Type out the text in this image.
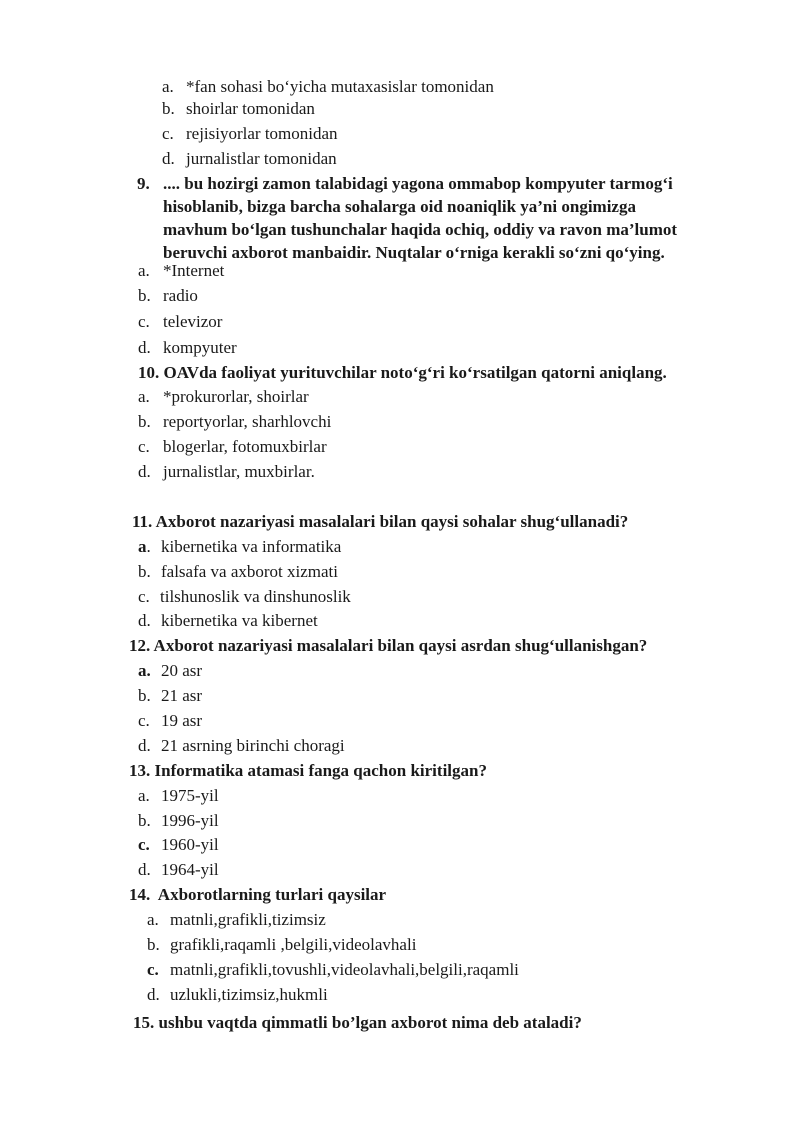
a. *fan sohasi bo‘yicha mutaxasislar tomonidan
b. shoirlar tomonidan
c. rejisiyorlar tomonidan
d. jurnalistlar tomonidan
9. .... bu hozirgi zamon talabidagi yagona ommabop kompyuter tarmog‘i
hisoblanib, bizga barcha sohalarga oid noaniqlik ya’ni ongimizga
mavhum bo‘lgan tushunchalar haqida ochiq, oddiy va ravon ma’lumot
beruvchi axborot manbaidir. Nuqtalar o‘rniga kerakli so‘zni qo‘ying.
a. *Internet
b. radio
c. televizor
d. kompyuter
10. OAVda faoliyat yurituvchilar noto‘g‘ri ko‘rsatilgan qatorni aniqlang.
a. *prokurorlar, shoirlar
b. reportyorlar, sharhlovchi
c. blogerlar, fotomuxbirlar
d. jurnalistlar, muxbirlar.
11. Axborot nazariyasi masalalari bilan qaysi sohalar shug‘ullanadi?
a. kibernetika va informatika
b. falsafa va axborot xizmati
c. tilshunoslik va dinshunoslik
d. kibernetika va kibernet
12. Axborot nazariyasi masalalari bilan qaysi asrdan shug‘ullanishgan?
a. 20 asr
b. 21 asr
c. 19 asr
d. 21 asrning birinchi choragi
13. Informatika atamasi fanga qachon kiritilgan?
a. 1975-yil
b. 1996-yil
c. 1960-yil
d. 1964-yil
14.  Axborotlarning turlari qaysilar
a. matnli,grafikli,tizimsiz
b. grafikli,raqamli ,belgili,videolavhali
c. matnli,grafikli,tovushli,videolavhali,belgili,raqamli
d. uzlukli,tizimsiz,hukmli
15. ushbu vaqtda qimmatli bo’lgan axborot nima deb ataladi?
